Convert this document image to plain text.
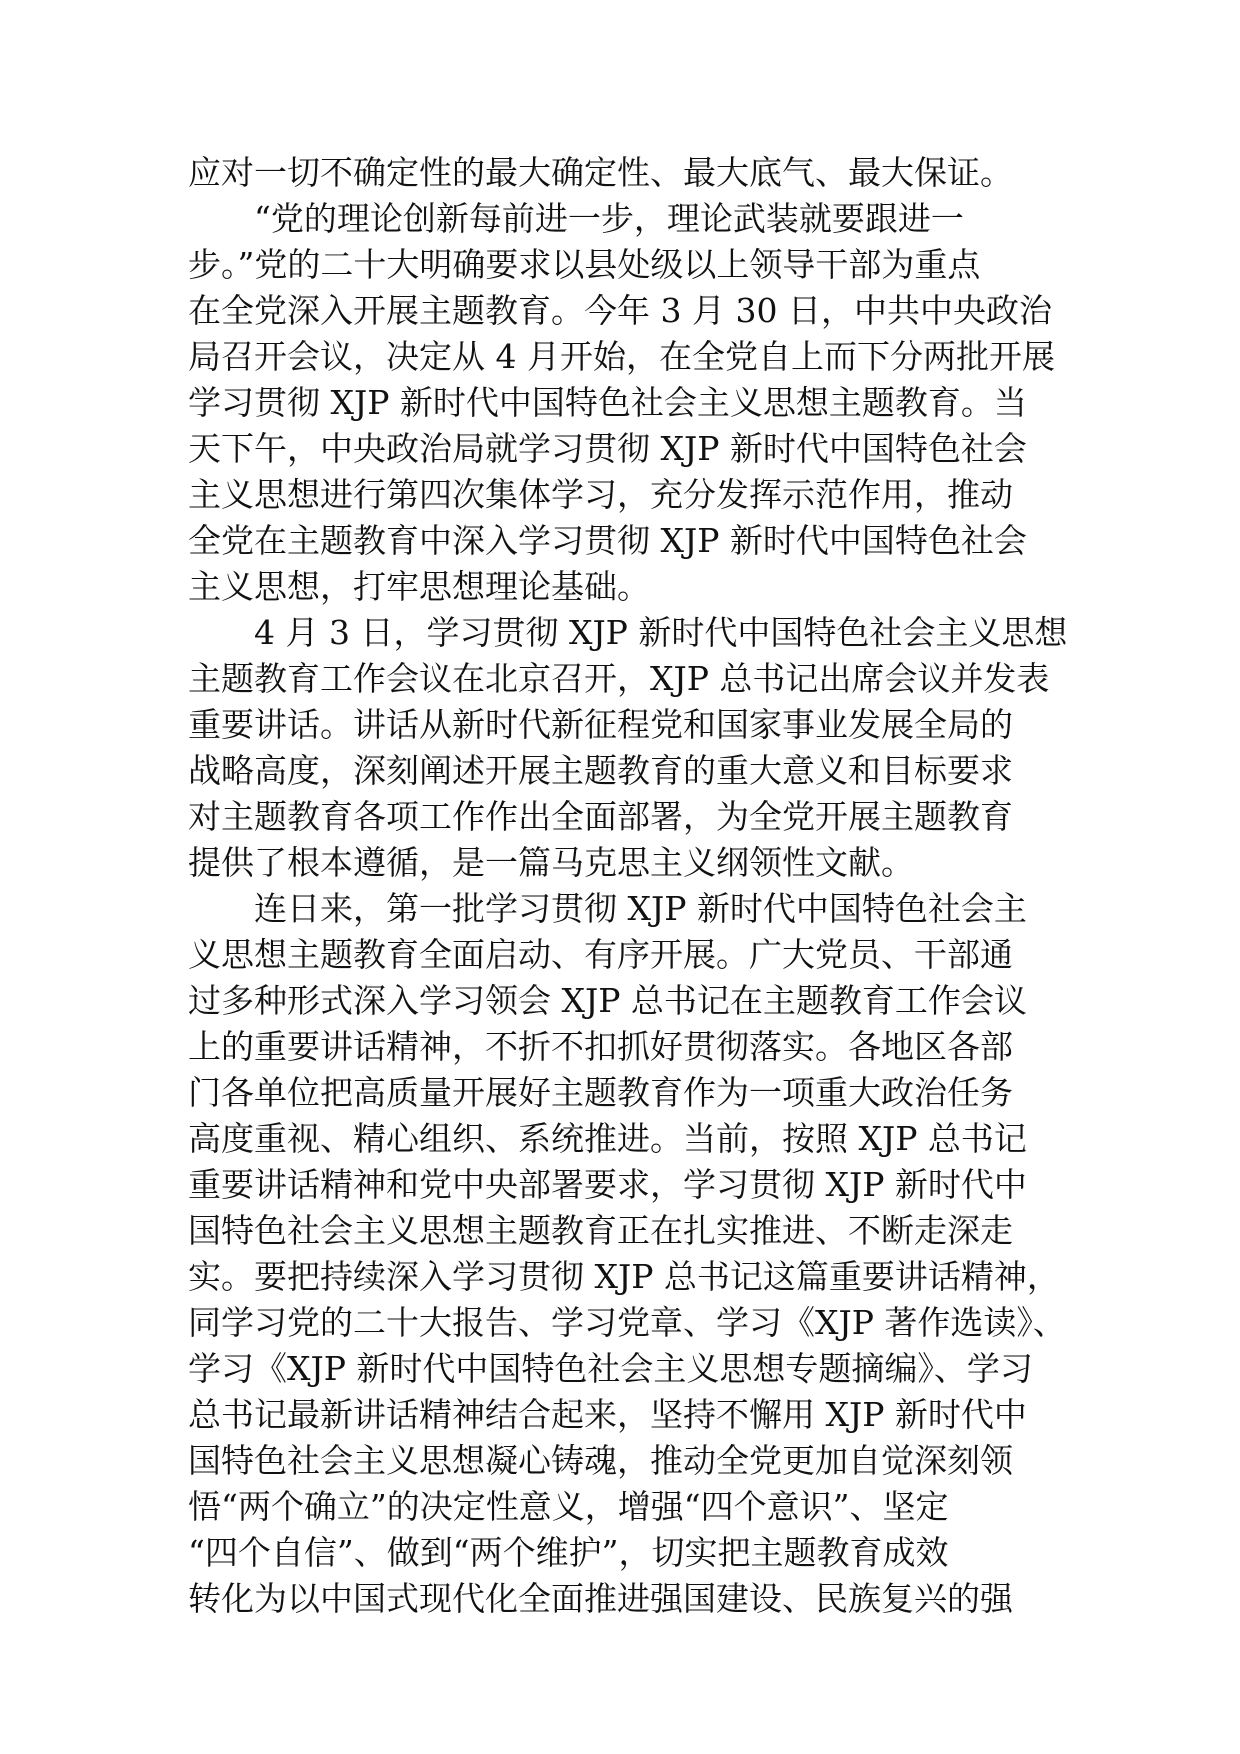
应对一切不确定性的最大确定性、最大底气、最大保证。
“党的理论创新每前进一步，理论武装就要跟进一
步。”党的二十大明确要求以县处级以上领导干部为重点
在全党深入开展主题教育。今年 3 月 30 日，中共中央政治
局召开会议，决定从 4 月开始，在全党自上而下分两批开展
学习贯彻 XJP 新时代中国特色社会主义思想主题教育。当
天下午，中央政治局就学习贯彻 XJP 新时代中国特色社会
主义思想进行第四次集体学习，充分发挥示范作用，推动
全党在主题教育中深入学习贯彻 XJP 新时代中国特色社会
主义思想，打牢思想理论基础。
4 月 3 日，学习贯彻 XJP 新时代中国特色社会主义思想
主题教育工作会议在北京召开，XJP 总书记出席会议并发表
重要讲话。讲话从新时代新征程党和国家事业发展全局的
战略高度，深刻阐述开展主题教育的重大意义和目标要求
对主题教育各项工作作出全面部署，为全党开展主题教育
提供了根本遵循，是一篇马克思主义纲领性文献。
连日来，第一批学习贯彻 XJP 新时代中国特色社会主
义思想主题教育全面启动、有序开展。广大党员、干部通
过多种形式深入学习领会 XJP 总书记在主题教育工作会议
上的重要讲话精神，不折不扣抓好贯彻落实。各地区各部
门各单位把高质量开展好主题教育作为一项重大政治任务
高度重视、精心组织、系统推进。当前，按照 XJP 总书记
重要讲话精神和党中央部署要求，学习贯彻 XJP 新时代中
国特色社会主义思想主题教育正在扎实推进、不断走深走
实。要把持续深入学习贯彻 XJP 总书记这篇重要讲话精神，
同学习党的二十大报告、学习党章、学习《XJP 著作选读》、
学习《XJP 新时代中国特色社会主义思想专题摘编》、学习
总书记最新讲话精神结合起来，坚持不懈用 XJP 新时代中
国特色社会主义思想凝心铸魂，推动全党更加自觉深刻领
悟“两个确立”的决定性意义，增强“四个意识”、坚定
“四个自信”、做到“两个维护”，切实把主题教育成效
转化为以中国式现代化全面推进强国建设、民族复兴的强
